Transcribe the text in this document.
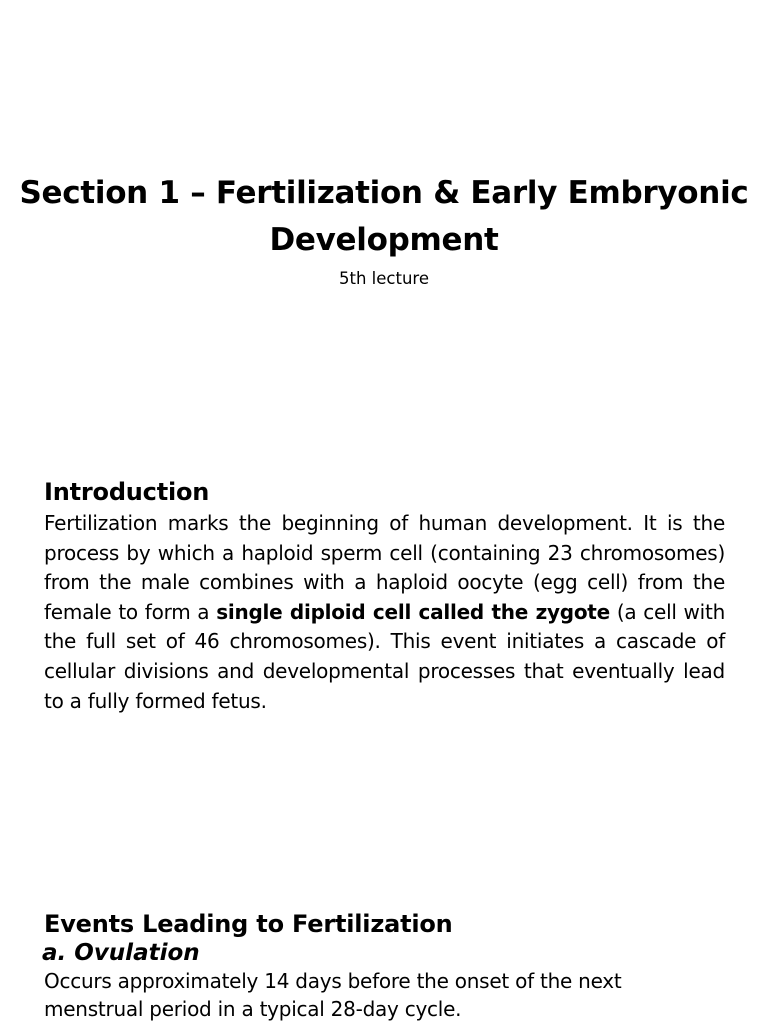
Section 1 – Fertilization & Early Embryonic Development
5th lecture
Introduction

Fertilization marks the beginning of human development. It is the process by which a haploid sperm cell (containing 23 chromosomes) from the male combines with a haploid oocyte (egg cell) from the female to form a single diploid cell called the zygote (a cell with the full set of 46 chromosomes). This event initiates a cascade of cellular divisions and developmental processes that eventually lead to a fully formed fetus.

Events Leading to Fertilization
a. Ovulation

Occurs approximately 14 days before the onset of the next menstrual period in a typical 28-day cycle.
